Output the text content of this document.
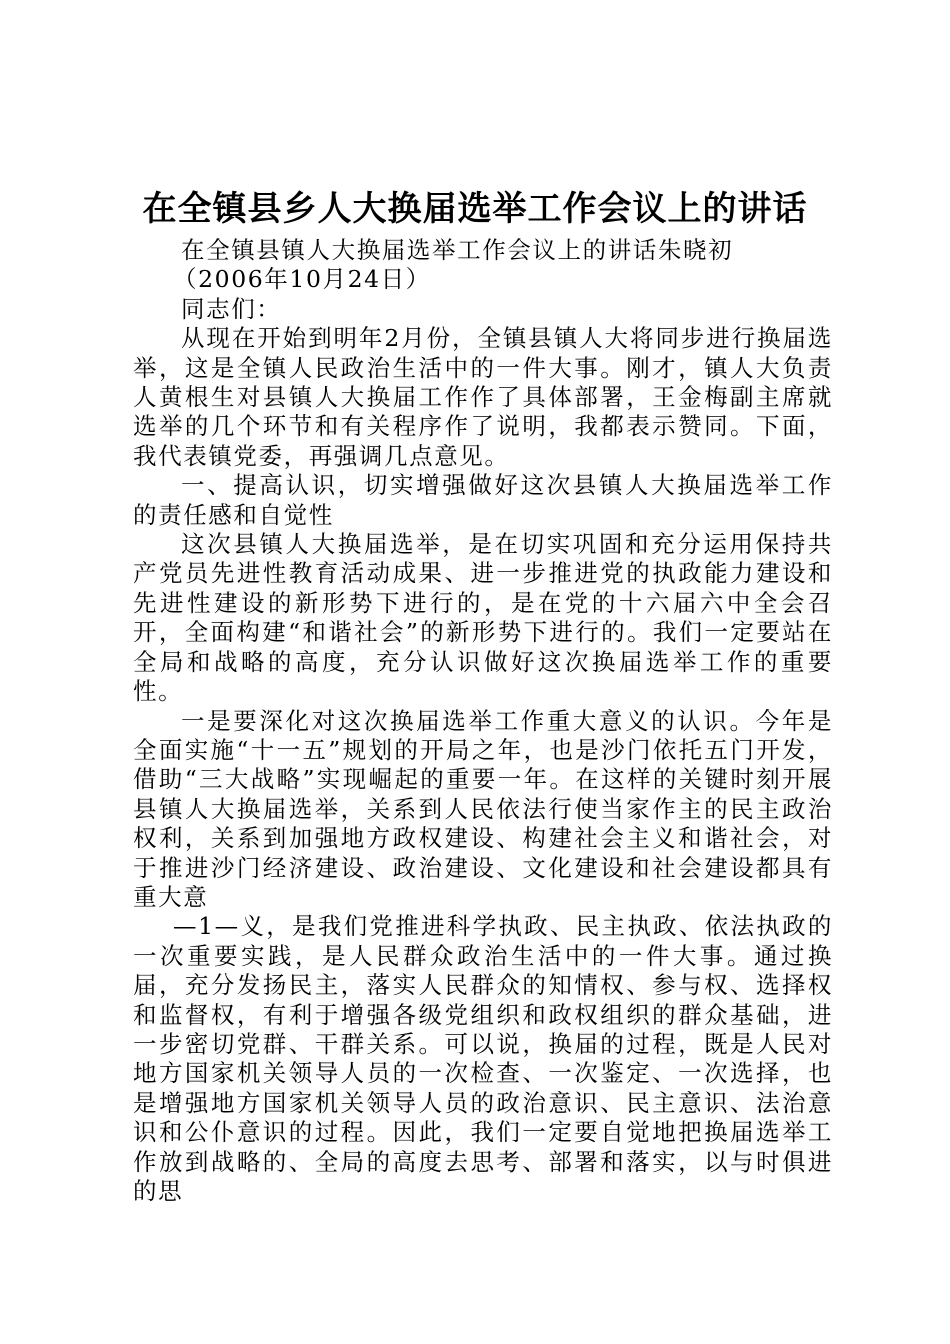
在全镇县乡人大换届选举工作会议上的讲话

在全镇县镇人大换届选举工作会议上的讲话朱晓初

（2006年10月24日）

同志们：

从现在开始到明年2月份，全镇县镇人大将同步进行换届选举，这是全镇人民政治生活中的一件大事。刚才，镇人大负责人黄根生对县镇人大换届工作作了具体部署，王金梅副主席就选举的几个环节和有关程序作了说明，我都表示赞同。下面，我代表镇党委，再强调几点意见。

一、提高认识，切实增强做好这次县镇人大换届选举工作的责任感和自觉性

这次县镇人大换届选举，是在切实巩固和充分运用保持共产党员先进性教育活动成果、进一步推进党的执政能力建设和先进性建设的新形势下进行的，是在党的十六届六中全会召开，全面构建“和谐社会”的新形势下进行的。我们一定要站在全局和战略的高度，充分认识做好这次换届选举工作的重要性。

一是要深化对这次换届选举工作重大意义的认识。今年是全面实施“十一五”规划的开局之年，也是沙门依托五门开发，借助“三大战略”实现崛起的重要一年。在这样的关键时刻开展县镇人大换届选举，关系到人民依法行使当家作主的民主政治权利，关系到加强地方政权建设、构建社会主义和谐社会，对于推进沙门经济建设、政治建设、文化建设和社会建设都具有重大意

—1—义，是我们党推进科学执政、民主执政、依法执政的一次重要实践，是人民群众政治生活中的一件大事。通过换届，充分发扬民主，落实人民群众的知情权、参与权、选择权和监督权，有利于增强各级党组织和政权组织的群众基础，进一步密切党群、干群关系。可以说，换届的过程，既是人民对地方国家机关领导人员的一次检查、一次鉴定、一次选择，也是增强地方国家机关领导人员的政治意识、民主意识、法治意识和公仆意识的过程。因此，我们一定要自觉地把换届选举工作放到战略的、全局的高度去思考、部署和落实，以与时俱进的思
